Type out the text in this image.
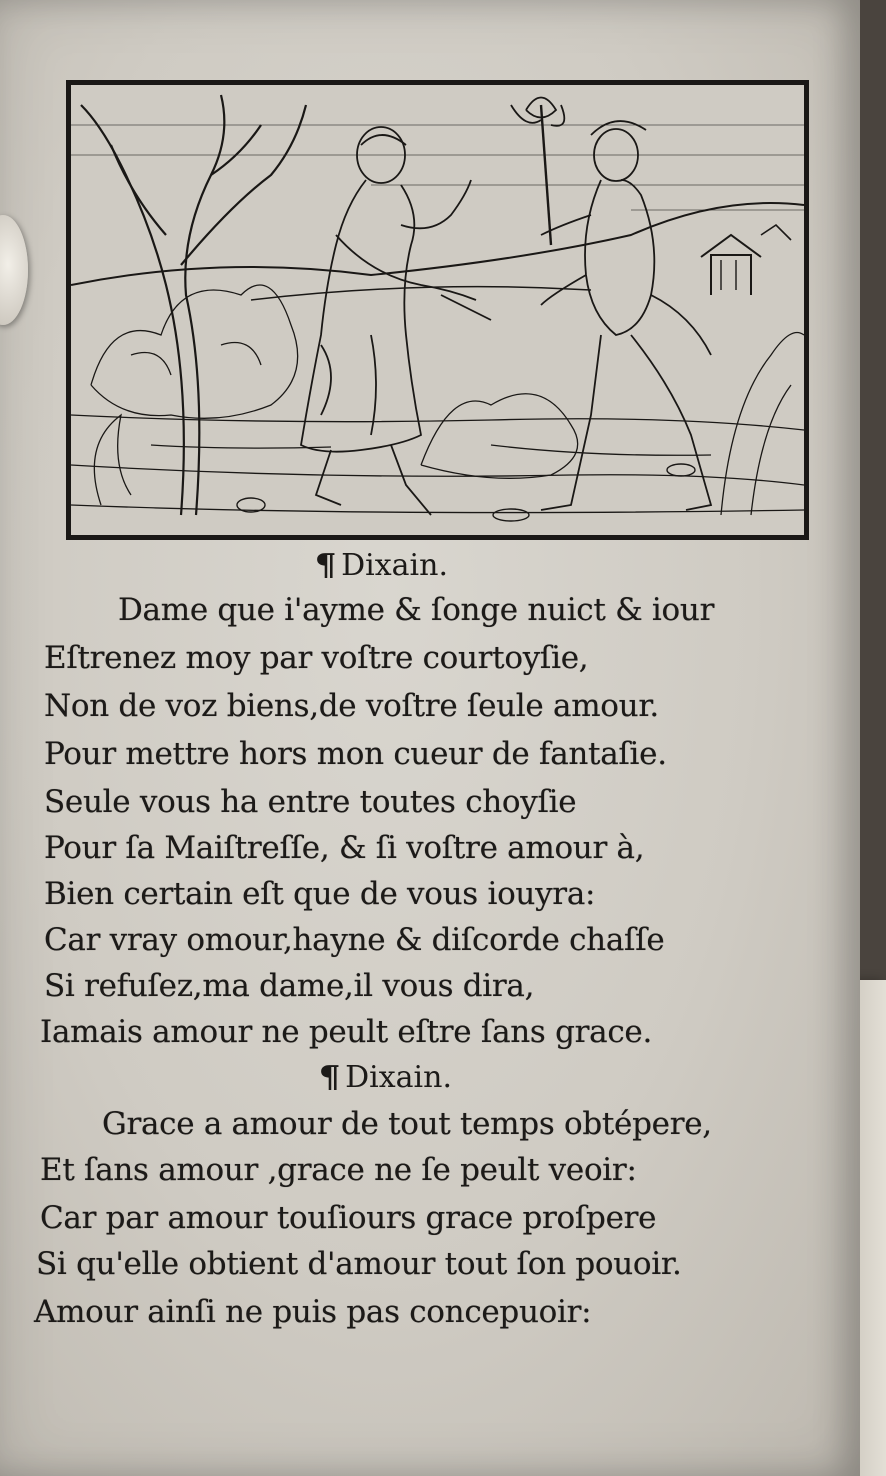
¶ Dixain.
Dame que i'ayme & ſonge nuict & iour
Eſtrenez moy par voſtre courtoyſie,
Non de voz biens,de voſtre ſeule amour.
Pour mettre hors mon cueur de fantaſie.
Seule vous ha entre toutes choyſie
Pour ſa Maiſtreſſe, & ſi voſtre amour à,
Bien certain eſt que de vous iouyra:
Car vray omour,hayne & diſcorde chaſſe
Si refuſez,ma dame,il vous dira,
Iamais amour ne peult eſtre ſans grace.
¶ Dixain.
Grace a amour de tout temps obtépere,
Et ſans amour ,grace ne ſe peult veoir:
Car par amour touſiours grace proſpere
Si qu'elle obtient d'amour tout ſon pouoir.
Amour ainſi ne puis pas concepuoir:
